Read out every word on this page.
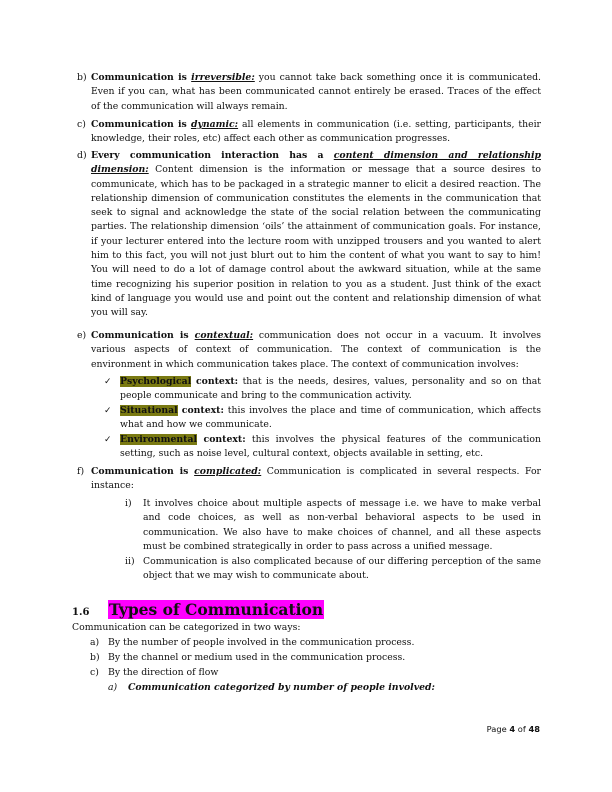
b) Communication is irreversible: you cannot take back something once it is communicated. Even if you can, what has been communicated cannot entirely be erased. Traces of the effect of the communication will always remain.
c) Communication is dynamic: all elements in communication (i.e. setting, participants, their knowledge, their roles, etc) affect each other as communication progresses.
d) Every communication interaction has a content dimension and relationship dimension: Content dimension is the information or message that a source desires to communicate, which has to be packaged in a strategic manner to elicit a desired reaction. The relationship dimension of communication constitutes the elements in the communication that seek to signal and acknowledge the state of the social relation between the communicating parties. The relationship dimension ‘oils’ the attainment of communication goals. For instance, if your lecturer entered into the lecture room with unzipped trousers and you wanted to alert him to this fact, you will not just blurt out to him the content of what you want to say to him! You will need to do a lot of damage control about the awkward situation, while at the same time recognizing his superior position in relation to you as a student. Just think of the exact kind of language you would use and point out the content and relationship dimension of what you will say.
e) Communication is contextual: communication does not occur in a vacuum. It involves various aspects of context of communication. The context of communication is the environment in which communication takes place. The context of communication involves:
✓ Psychological context: that is the needs, desires, values, personality and so on that people communicate and bring to the communication activity.
✓ Situational context: this involves the place and time of communication, which affects what and how we communicate.
✓ Environmental context: this involves the physical features of the communication setting, such as noise level, cultural context, objects available in setting, etc.
f) Communication is complicated: Communication is complicated in several respects. For instance:
i) It involves choice about multiple aspects of message i.e. we have to make verbal and code choices, as well as non-verbal behavioral aspects to be used in communication. We also have to make choices of channel, and all these aspects must be combined strategically in order to pass across a unified message.
ii) Communication is also complicated because of our differing perception of the same object that we may wish to communicate about.
1.6	Types of Communication
Communication can be categorized in two ways:
a) By the number of people involved in the communication process.
b) By the channel or medium used in the communication process.
c) By the direction of flow
a) Communication categorized by number of people involved:
Page 4 of 48
